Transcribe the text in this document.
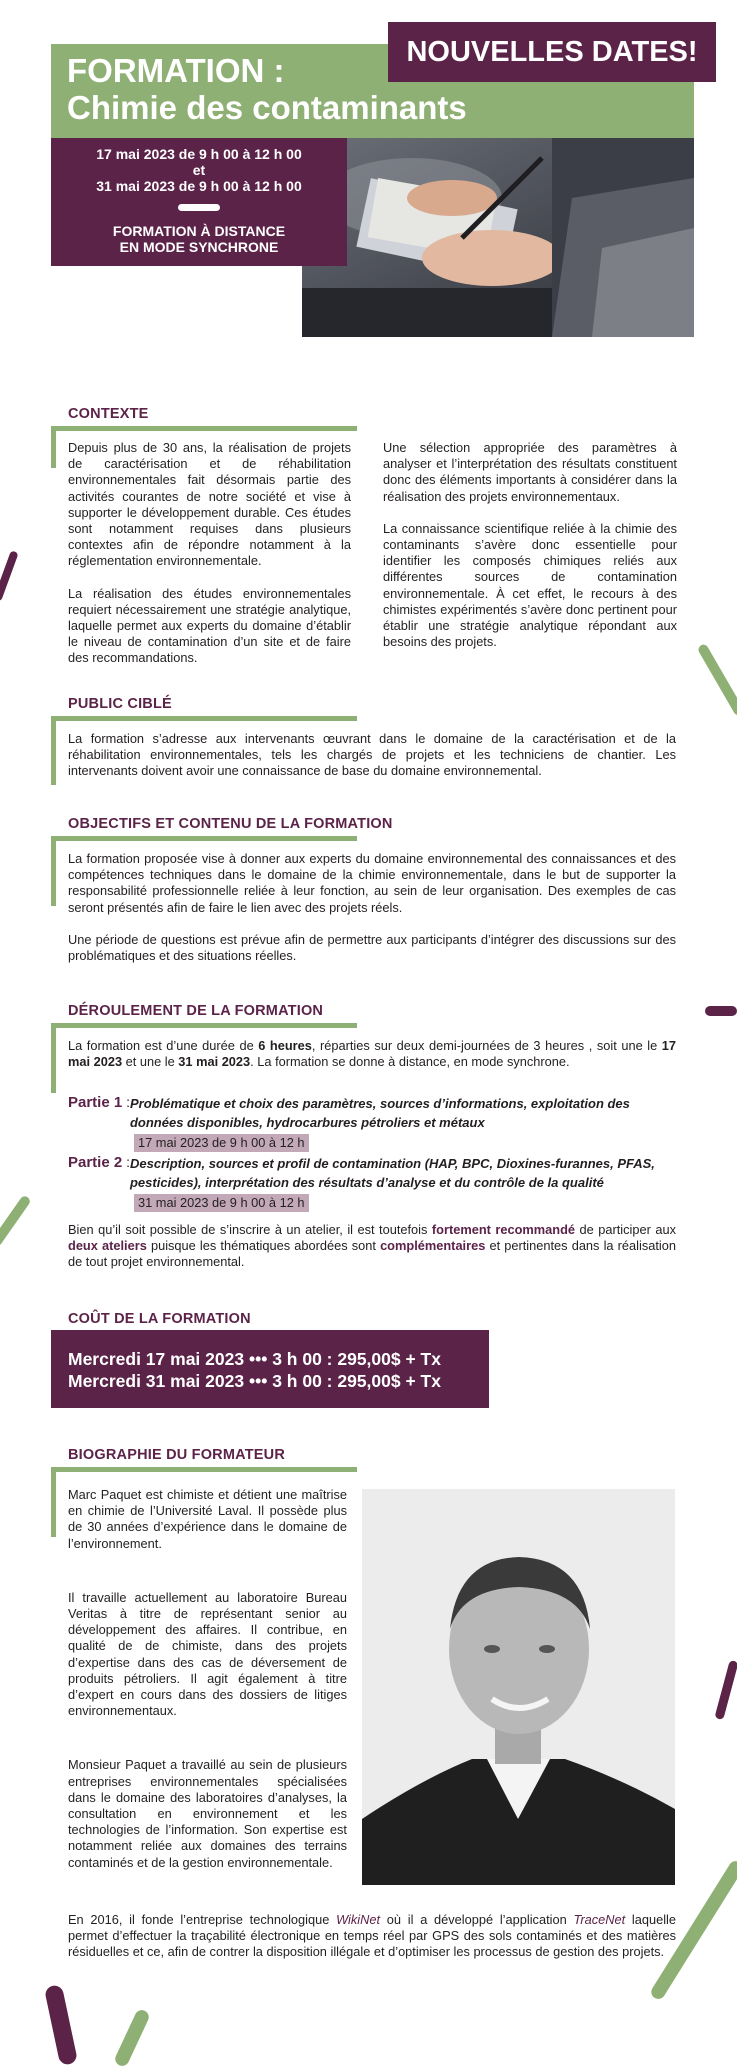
FORMATION :
Chimie des contaminants
NOUVELLES DATES!
17 mai 2023 de 9 h 00 à 12 h 00
et
31 mai 2023 de 9 h 00 à 12 h 00
FORMATION À DISTANCE
EN MODE SYNCHRONE
CONTEXTE

Depuis plus de 30 ans, la réalisation de projets de caractérisation et de réhabilitation environnementales fait désormais partie des activités courantes de notre société et vise à supporter le développement durable. Ces études sont notamment requises dans plusieurs contextes afin de répondre notamment à la réglementation environnementale.

La réalisation des études environnementales requiert nécessairement une stratégie analytique, laquelle permet aux experts du domaine d’établir le niveau de contamination d’un site et de faire des recommandations.

Une sélection appropriée des paramètres à analyser et l’interprétation des résultats constituent donc des éléments importants à considérer dans la réalisation des projets environnementaux.

La connaissance scientifique reliée à la chimie des contaminants s’avère donc essentielle pour identifier les composés chimiques reliés aux différentes sources de contamination environnementale. À cet effet, le recours à des chimistes expérimentés s’avère donc pertinent pour établir une stratégie analytique répondant aux besoins des projets.

PUBLIC CIBLÉ
La formation s’adresse aux intervenants œuvrant dans le domaine de la caractérisation et de la réhabilitation environnementales, tels les chargés de projets et les techniciens de chantier. Les intervenants doivent avoir une connaissance de base du domaine environnemental.
OBJECTIFS ET CONTENU DE LA FORMATION

La formation proposée vise à donner aux experts du domaine environnemental des connaissances et des compétences techniques dans le domaine de la chimie environnementale, dans le but de supporter la responsabilité professionnelle reliée à leur fonction, au sein de leur organisation. Des exemples de cas seront présentés afin de faire le lien avec des projets réels.

Une période de questions est prévue afin de permettre aux participants d’intégrer des discussions sur des problématiques et des situations réelles.

DÉROULEMENT DE LA FORMATION
La formation est d’une durée de 6 heures, réparties sur deux demi-journées de 3 heures , soit une le 17 mai 2023 et une le 31 mai 2023. La formation se donne à distance, en mode synchrone.
Partie 1 : Problématique et choix des paramètres, sources d’informations, exploitation des données disponibles, hydrocarbures pétroliers et métaux
17 mai 2023 de 9 h 00 à 12 h
Partie 2 : Description, sources et profil de contamination (HAP, BPC, Dioxines-furannes, PFAS, pesticides), interprétation des résultats d’analyse et du contrôle de la qualité
31 mai 2023 de 9 h 00 à 12 h
Bien qu’il soit possible de s’inscrire à un atelier, il est toutefois fortement recommandé de participer aux deux ateliers puisque les thématiques abordées sont complémentaires et pertinentes dans la réalisation de tout projet environnemental.
COÛT DE LA FORMATION
Mercredi 17 mai 2023 ••• 3 h 00 : 295,00$ + Tx
Mercredi 31 mai 2023 ••• 3 h 00 : 295,00$ + Tx
BIOGRAPHIE DU FORMATEUR

Marc Paquet est chimiste et détient une maîtrise en chimie de l’Université Laval. Il possède plus de 30 années d’expérience dans le domaine de l’environnement.

Il travaille actuellement au laboratoire Bureau Veritas à titre de représentant senior au développement des affaires. Il contribue, en qualité de de chimiste, dans des projets d’expertise dans des cas de déversement de produits pétroliers. Il agit également à titre d’expert en cours dans des dossiers de litiges environnementaux.

Monsieur Paquet a travaillé au sein de plusieurs entreprises environnementales spécialisées dans le domaine des laboratoires d’analyses, la consultation en environnement et les technologies de l’information. Son expertise est notamment reliée aux domaines des terrains contaminés et de la gestion environnementale.

En 2016, il fonde l’entreprise technologique WikiNet où il a développé l’application TraceNet laquelle permet d’effectuer la traçabilité électronique en temps réel par GPS des sols contaminés et des matières résiduelles et ce, afin de contrer la disposition illégale et d’optimiser les processus de gestion des projets.
